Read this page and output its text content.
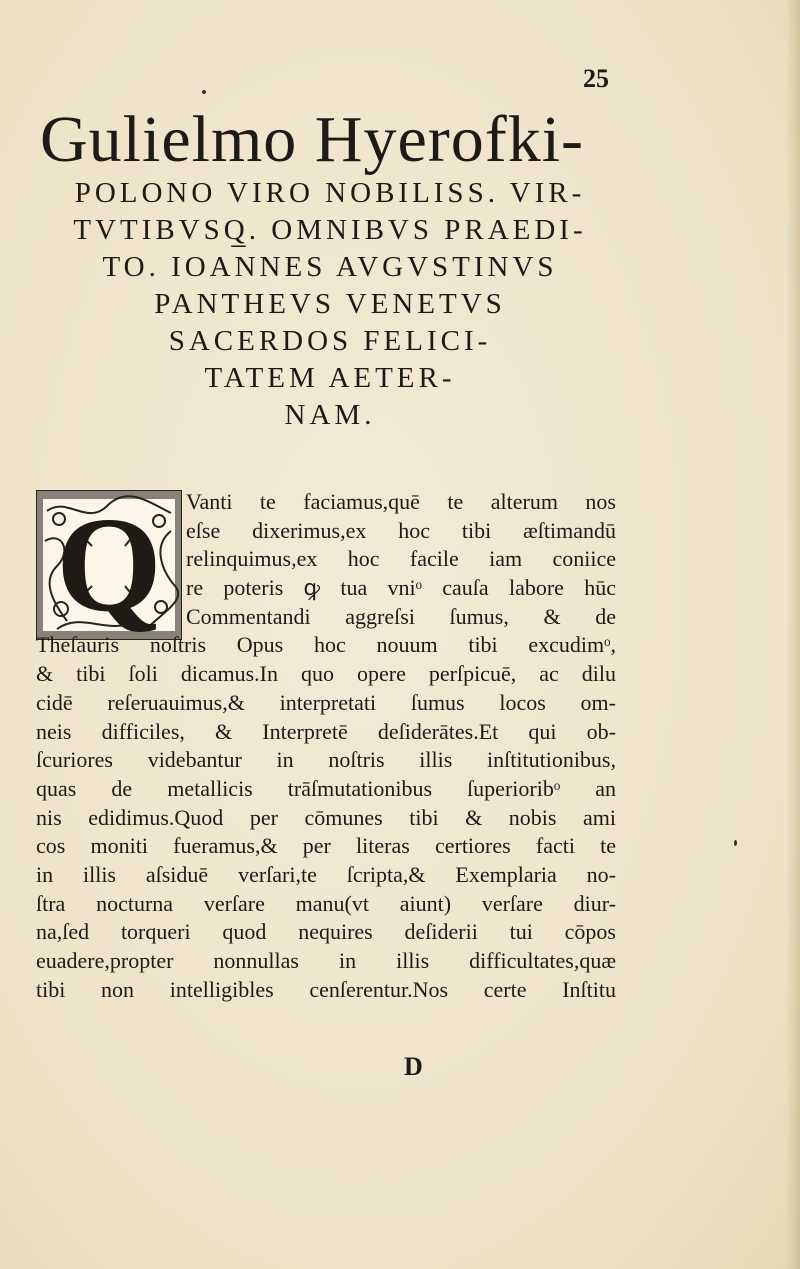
25
Gulielmo Hyerofki-
POLONO VIRO NOBILISS. VIR-
TVTIBVSQ̲. OMNIBVS PRAEDI-
TO. IOANNES AVGVSTINVS
PANTHEVS VENETVS
SACERDOS FELICI-
TATEM AETER-
NAM.
Q	Vanti te faciamus,quē te alterum nos
eſse dixerimus,ex hoc tibi æſtimandū
relinquimus,ex hoc facile iam coniice
re poteris ꝙ tua vniᵒ cauſa labore hūc
Commentandi aggreſsi ſumus, & de
Theſauris noſtris Opus hoc nouum tibi excudimᵒ,
& tibi ſoli dicamus.In quo opere perſpicuē, ac dilu
cidē reſeruauimus,& interpretati ſumus locos om-
neis difficiles, & Interpretē deſiderātes.Et qui ob-
ſcuriores videbantur in noſtris illis inſtitutionibus,
quas de metallicis trāſmutationibus ſuperioribᵒ an
nis edidimus.Quod per cōmunes tibi & nobis ami
cos moniti fueramus,& per literas certiores facti te
in illis aſsiduē verſari,te ſcripta,& Exemplaria no-
ſtra nocturna verſare manu(vt aiunt) verſare diur-
na,ſed torqueri quod nequires deſiderii tui cōpos
euadere,propter nonnullas in illis difficultates,quæ
tibi non intelligibles cenſerentur.Nos certe Inſtitu
D
